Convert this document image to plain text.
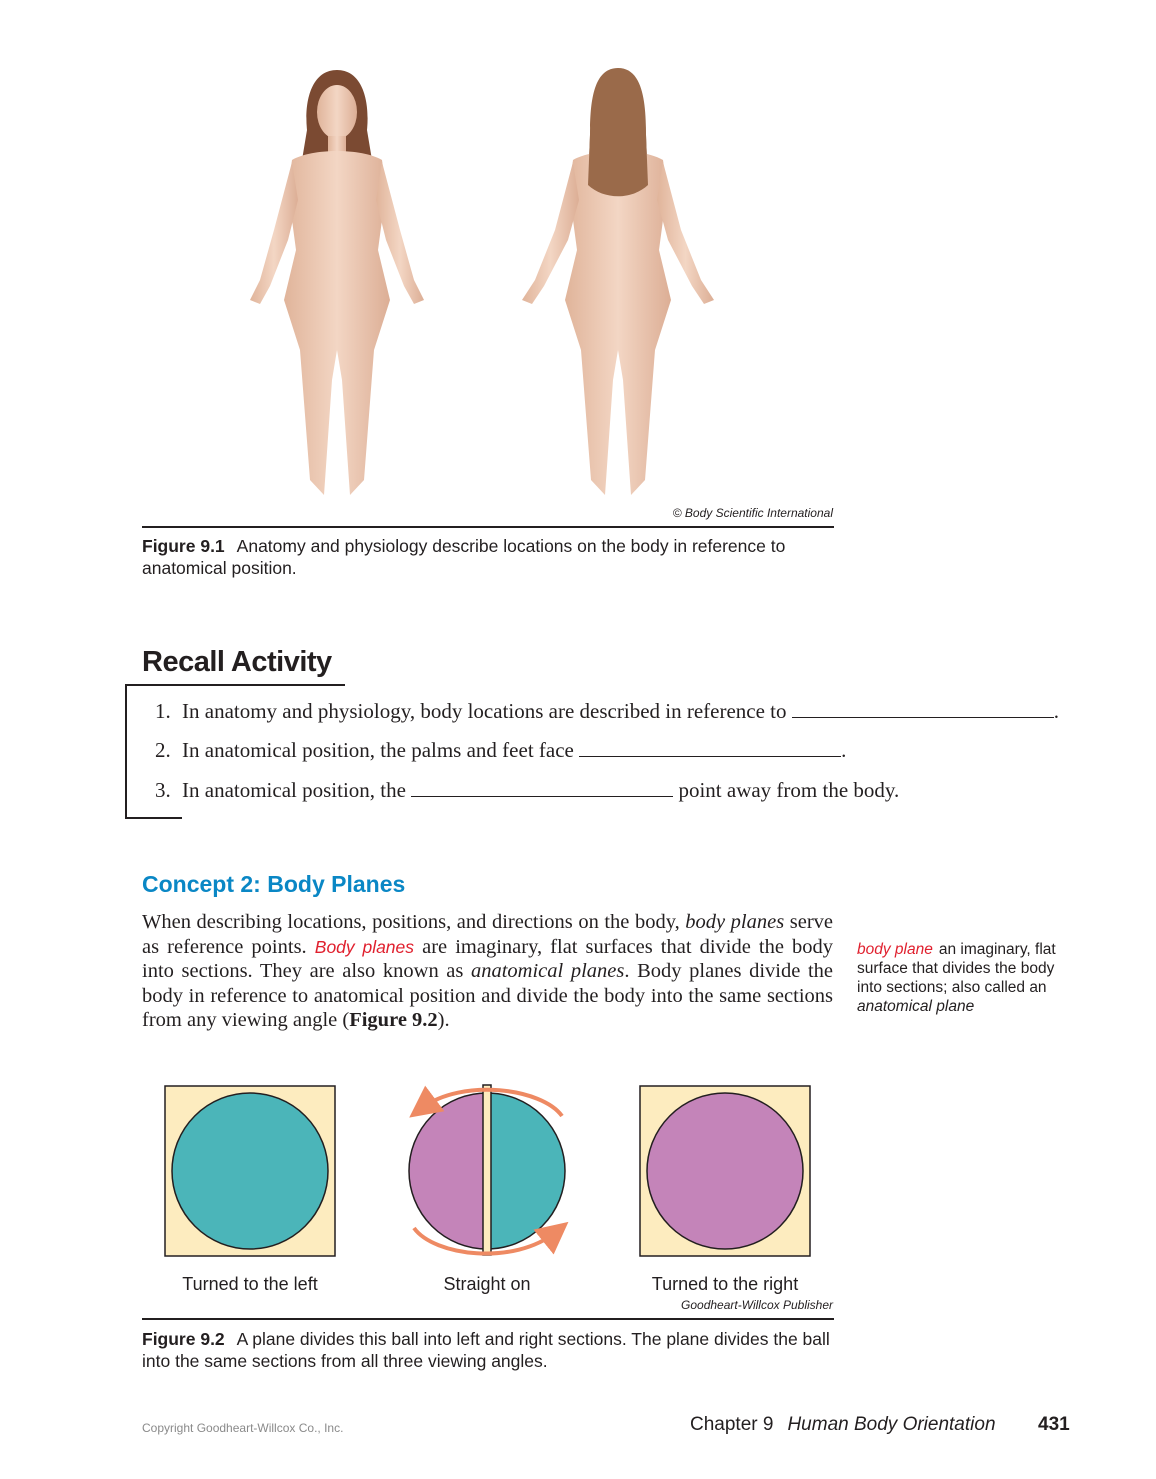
© Body Scientific International
Figure 9.1 Anatomy and physiology describe locations on the body in reference to anatomical position.
Recall Activity
1. In anatomy and physiology, body locations are described in reference to	.
2. In anatomical position, the palms and feet face	.
3. In anatomical position, the	point away from the body.
Concept 2: Body Planes
When describing locations, positions, and directions on the body, body planes serve as reference points. Body planes are imaginary, flat surfaces that divide the body into sections. They are also known as anatomical planes. Body planes divide the body in reference to anatomical position and divide the body into the same sections from any viewing angle (Figure 9.2).
body plane an imaginary, flat surface that divides the body into sections; also called an anatomical plane
Turned to the left	Straight on	Turned to the right
Goodheart-Willcox Publisher
Figure 9.2 A plane divides this ball into left and right sections. The plane divides the ball into the same sections from all three viewing angles.
Copyright Goodheart-Willcox Co., Inc.	Chapter 9 Human Body Orientation 431
